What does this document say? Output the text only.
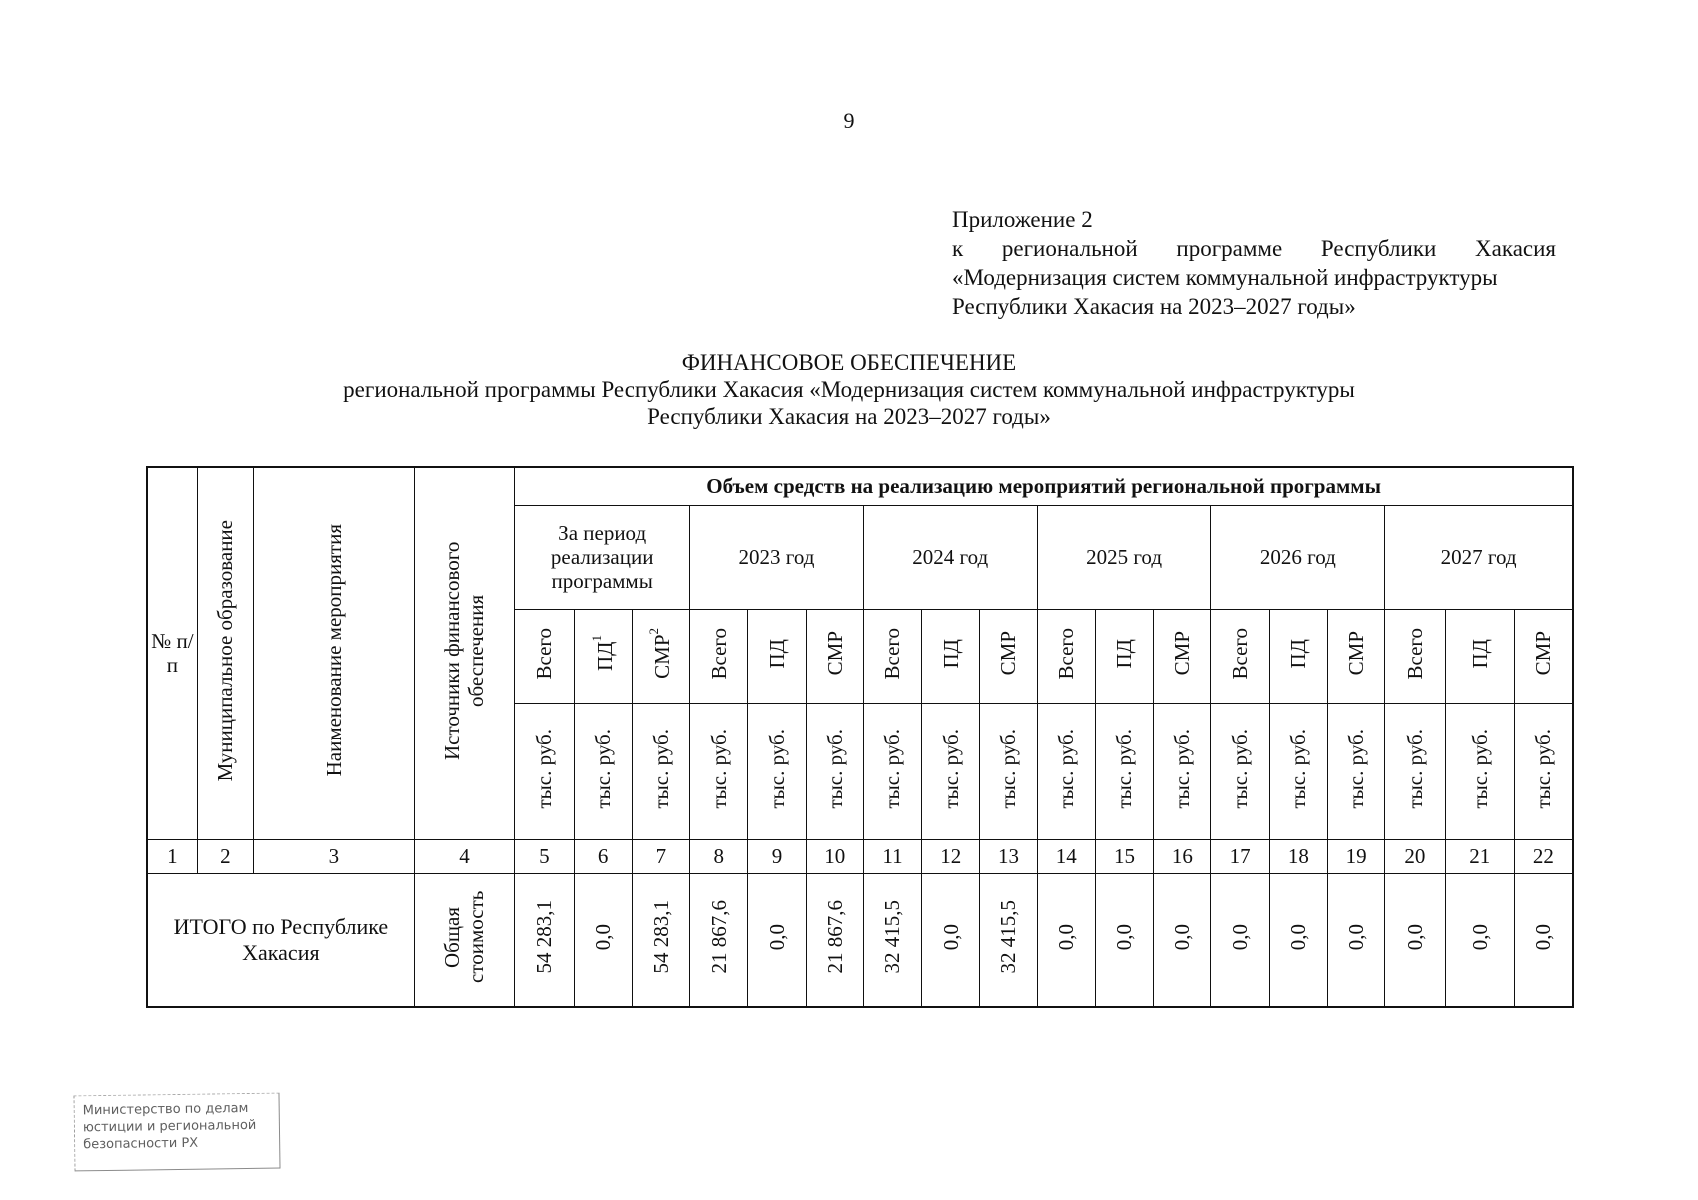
9
Приложение 2
к региональной программе Республики Хакасия
«Модернизация систем коммунальной инфраструктуры
Республики Хакасия на 2023–2027 годы»
ФИНАНСОВОЕ ОБЕСПЕЧЕНИЕ
региональной программы Республики Хакасия «Модернизация систем коммунальной инфраструктуры
Республики Хакасия на 2023–2027 годы»
№ п/п	Муниципальное образование	Наименование мероприятия	Источники финансового обеспечения	Объем средств на реализацию мероприятий региональной программы																	
				За период реализации программы			2023 год			2024 год			2025 год			2026 год			2027 год		
				Всего	$ПД^1$	СМР$^2$	Всего	ПД	СМР	Всего	ПД	СМР	Всего	ПД	СМР	Всего	ПД	СМР	Всего	ПД	СМР
				тыс. руб.	тыс. руб.	тыс. руб.	тыс. руб.	тыс. руб.	тыс. руб.	тыс. руб.	тыс. руб.	тыс. руб.	тыс. руб.	тыс. руб.	тыс. руб.	тыс. руб.	тыс. руб.	тыс. руб.	тыс. руб.	тыс. руб.	тыс. руб.
1	2	3	4	5	6	7	8	9	10	11	12	13	14	15	16	17	18	19	20	21	22
ИТОГО по Республике Хакасия			Общая стоимость	54 283,1	0,0	54 283,1	21 867,6	0,0	21 867,6	32 415,5	0,0	32 415,5	0,0	0,0	0,0	0,0	0,0	0,0	0,0	0,0	0,0
Министерство по делам
юстиции и региональной
безопасности РХ
